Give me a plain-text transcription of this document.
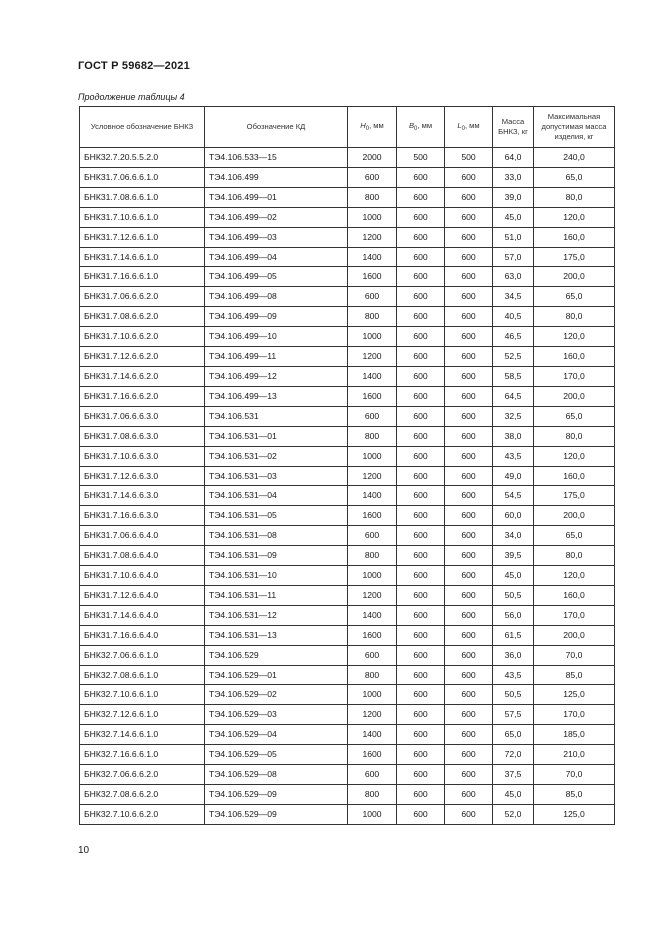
ГОСТ Р 59682—2021
Продолжение таблицы 4
Условное обозначение БНКЗ	Обозначение КД	$H_0$, мм	$B_0$, мм	$L_0$, мм	Масса БНКЗ, кг	Максимальная допустимая масса изделия, кг
БНК32.7.20.5.5.2.0	ТЭ4.106.533—15	2000	500	500	64,0	240,0
БНК31.7.06.6.6.1.0	ТЭ4.106.499	600	600	600	33,0	65,0
БНК31.7.08.6.6.1.0	ТЭ4.106.499—01	800	600	600	39,0	80,0
БНК31.7.10.6.6.1.0	ТЭ4.106.499—02	1000	600	600	45,0	120,0
БНК31.7.12.6.6.1.0	ТЭ4.106.499—03	1200	600	600	51,0	160,0
БНК31.7.14.6.6.1.0	ТЭ4.106.499—04	1400	600	600	57,0	175,0
БНК31.7.16.6.6.1.0	ТЭ4.106.499—05	1600	600	600	63,0	200,0
БНК31.7.06.6.6.2.0	ТЭ4.106.499—08	600	600	600	34,5	65,0
БНК31.7.08.6.6.2.0	ТЭ4.106.499—09	800	600	600	40,5	80,0
БНК31.7.10.6.6.2.0	ТЭ4.106.499—10	1000	600	600	46,5	120,0
БНК31.7.12.6.6.2.0	ТЭ4.106.499—11	1200	600	600	52,5	160,0
БНК31.7.14.6.6.2.0	ТЭ4.106.499—12	1400	600	600	58,5	170,0
БНК31.7.16.6.6.2.0	ТЭ4.106.499—13	1600	600	600	64,5	200,0
БНК31.7.06.6.6.3.0	ТЭ4.106.531	600	600	600	32,5	65,0
БНК31.7.08.6.6.3.0	ТЭ4.106.531—01	800	600	600	38,0	80,0
БНК31.7.10.6.6.3.0	ТЭ4.106.531—02	1000	600	600	43,5	120,0
БНК31.7.12.6.6.3.0	ТЭ4.106.531—03	1200	600	600	49,0	160,0
БНК31.7.14.6.6.3.0	ТЭ4.106.531—04	1400	600	600	54,5	175,0
БНК31.7.16.6.6.3.0	ТЭ4.106.531—05	1600	600	600	60,0	200,0
БНК31.7.06.6.6.4.0	ТЭ4.106.531—08	600	600	600	34,0	65,0
БНК31.7.08.6.6.4.0	ТЭ4.106.531—09	800	600	600	39,5	80,0
БНК31.7.10.6.6.4.0	ТЭ4.106.531—10	1000	600	600	45,0	120,0
БНК31.7.12.6.6.4.0	ТЭ4.106.531—11	1200	600	600	50,5	160,0
БНК31.7.14.6.6.4.0	ТЭ4.106.531—12	1400	600	600	56,0	170,0
БНК31.7.16.6.6.4.0	ТЭ4.106.531—13	1600	600	600	61,5	200,0
БНК32.7.06.6.6.1.0	ТЭ4.106.529	600	600	600	36,0	70,0
БНК32.7.08.6.6.1.0	ТЭ4.106.529—01	800	600	600	43,5	85,0
БНК32.7.10.6.6.1.0	ТЭ4.106.529—02	1000	600	600	50,5	125,0
БНК32.7.12.6.6.1.0	ТЭ4.106.529—03	1200	600	600	57,5	170,0
БНК32.7.14.6.6.1.0	ТЭ4.106.529—04	1400	600	600	65,0	185,0
БНК32.7.16.6.6.1.0	ТЭ4.106.529—05	1600	600	600	72,0	210,0
БНК32.7.06.6.6.2.0	ТЭ4.106.529—08	600	600	600	37,5	70,0
БНК32.7.08.6.6.2.0	ТЭ4.106.529—09	800	600	600	45,0	85,0
БНК32.7.10.6.6.2.0	ТЭ4.106.529—09	1000	600	600	52,0	125,0
10
